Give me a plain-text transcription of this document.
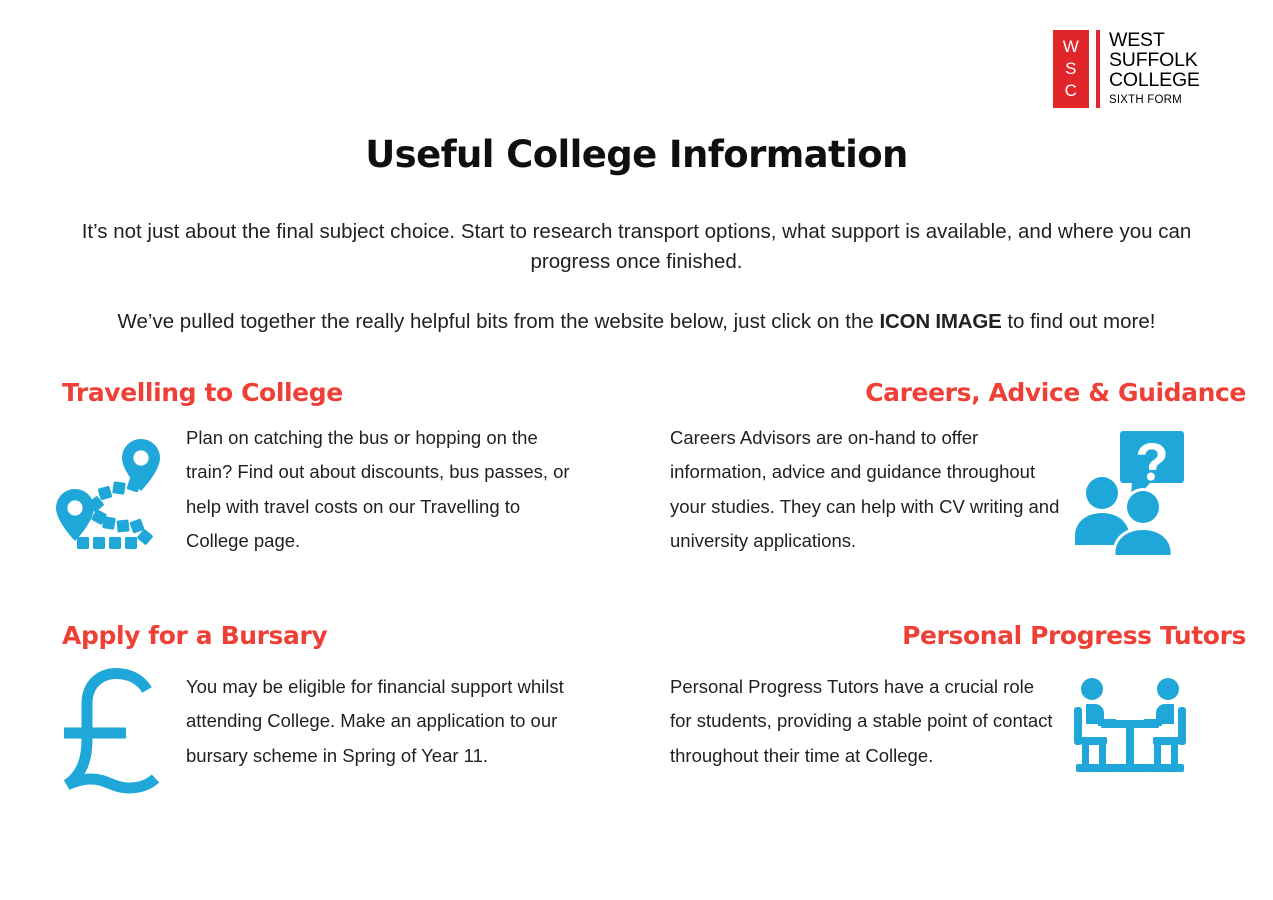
W
S
C
WEST
SUFFOLK
COLLEGE
SIXTH FORM
Useful College Information

It’s not just about the final subject choice. Start to research transport options, what support is available, and where you can progress once finished.

We’ve pulled together the really helpful bits from the website below, just click on the ICON IMAGE to find out more!

Travelling to College
Plan on catching the bus or hopping on the train? Find out about discounts, bus passes, or help with travel costs on our Travelling to College page.
Careers, Advice & Guidance
Careers Advisors are on-hand to offer information, advice and guidance throughout your studies. They can help with CV writing and university applications.
Apply for a Bursary
You may be eligible for financial support whilst attending College. Make an application to our bursary scheme in Spring of Year 11.
Personal Progress Tutors
Personal Progress Tutors have a crucial role for students, providing a stable point of contact throughout their time at College.
